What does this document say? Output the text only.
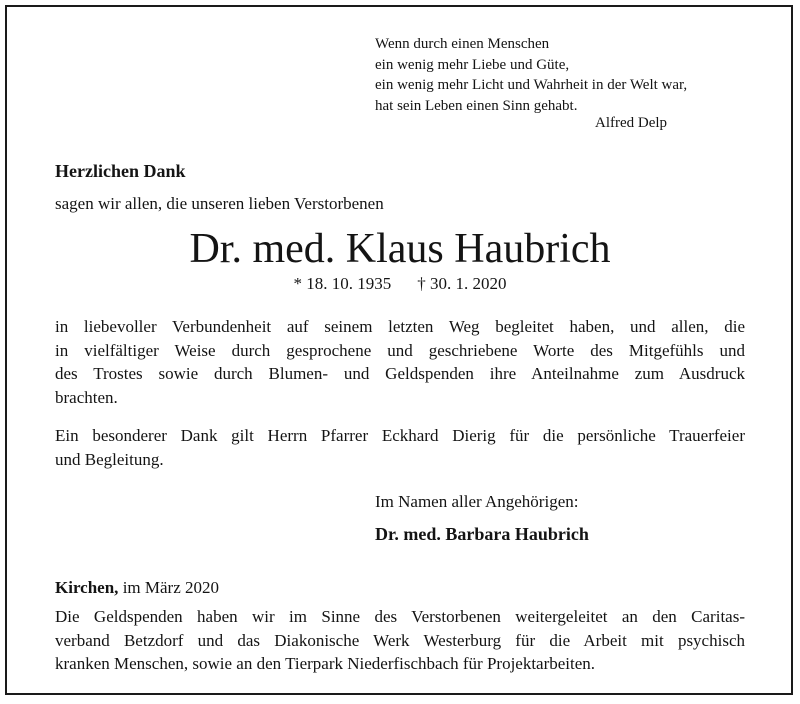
Wenn durch einen Menschen
ein wenig mehr Liebe und Güte,
ein wenig mehr Licht und Wahrheit in der Welt war,
hat sein Leben einen Sinn gehabt.
Alfred Delp
Herzlichen Dank
sagen wir allen, die unseren lieben Verstorbenen
Dr. med. Klaus Haubrich
* 18. 10. 1935 † 30. 1. 2020
in liebevoller Verbundenheit auf seinem letzten Weg begleitet haben, und allen, die
in vielfältiger Weise durch gesprochene und geschriebene Worte des Mitgefühls und
des Trostes sowie durch Blumen- und Geldspenden ihre Anteilnahme zum Ausdruck
brachten.
Ein besonderer Dank gilt Herrn Pfarrer Eckhard Dierig für die persönliche Trauerfeier
und Begleitung.
Im Namen aller Angehörigen:
Dr. med. Barbara Haubrich
Kirchen, im März 2020
Die Geldspenden haben wir im Sinne des Verstorbenen weitergeleitet an den Caritas-
verband Betzdorf und das Diakonische Werk Westerburg für die Arbeit mit psychisch
kranken Menschen, sowie an den Tierpark Niederfischbach für Projektarbeiten.
